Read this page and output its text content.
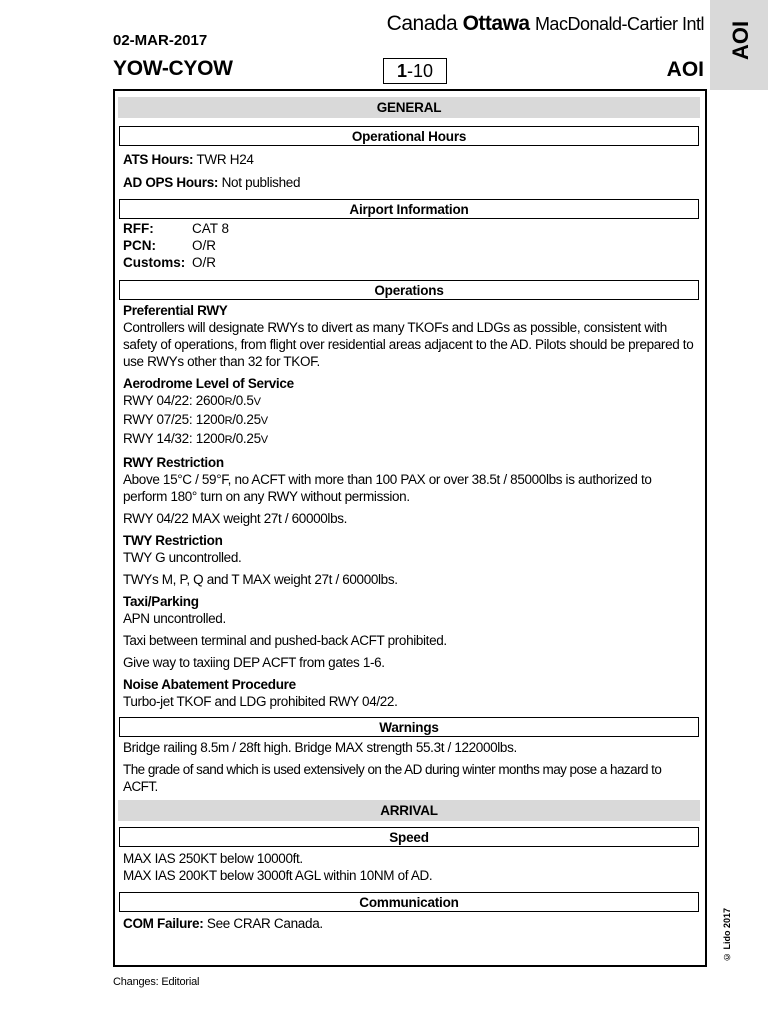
AOI
02-MAR-2017
YOW-CYOW
Canada Ottawa MacDonald-Cartier Intl
1-10	AOI
GENERAL
Operational Hours
ATS Hours: TWR H24
AD OPS Hours: Not published
Airport Information
RFF:	CAT 8
PCN:	O/R
Customs: O/R
Operations
Preferential RWY
Controllers will designate RWYs to divert as many TKOFs and LDGs as possible, consistent with safety of operations, from flight over residential areas adjacent to the AD. Pilots should be prepared to use RWYs other than 32 for TKOF.
Aerodrome Level of Service
RWY 04/22: 2600R/0.5V
RWY 07/25: 1200R/0.25V
RWY 14/32: 1200R/0.25V
RWY Restriction
Above 15°C / 59°F, no ACFT with more than 100 PAX or over 38.5t / 85000lbs is authorized to perform 180° turn on any RWY without permission.
RWY 04/22 MAX weight 27t / 60000lbs.
TWY Restriction
TWY G uncontrolled.
TWYs M, P, Q and T MAX weight 27t / 60000lbs.
Taxi/Parking
APN uncontrolled.
Taxi between terminal and pushed-back ACFT prohibited.
Give way to taxiing DEP ACFT from gates 1-6.
Noise Abatement Procedure
Turbo-jet TKOF and LDG prohibited RWY 04/22.
Warnings
Bridge railing 8.5m / 28ft high. Bridge MAX strength 55.3t / 122000lbs.
The grade of sand which is used extensively on the AD during winter months may pose a hazard to ACFT.
ARRIVAL
Speed
MAX IAS 250KT below 10000ft.
MAX IAS 200KT below 3000ft AGL within 10NM of AD.
Communication
COM Failure: See CRAR Canada.	© Lido 2017
Changes: Editorial
